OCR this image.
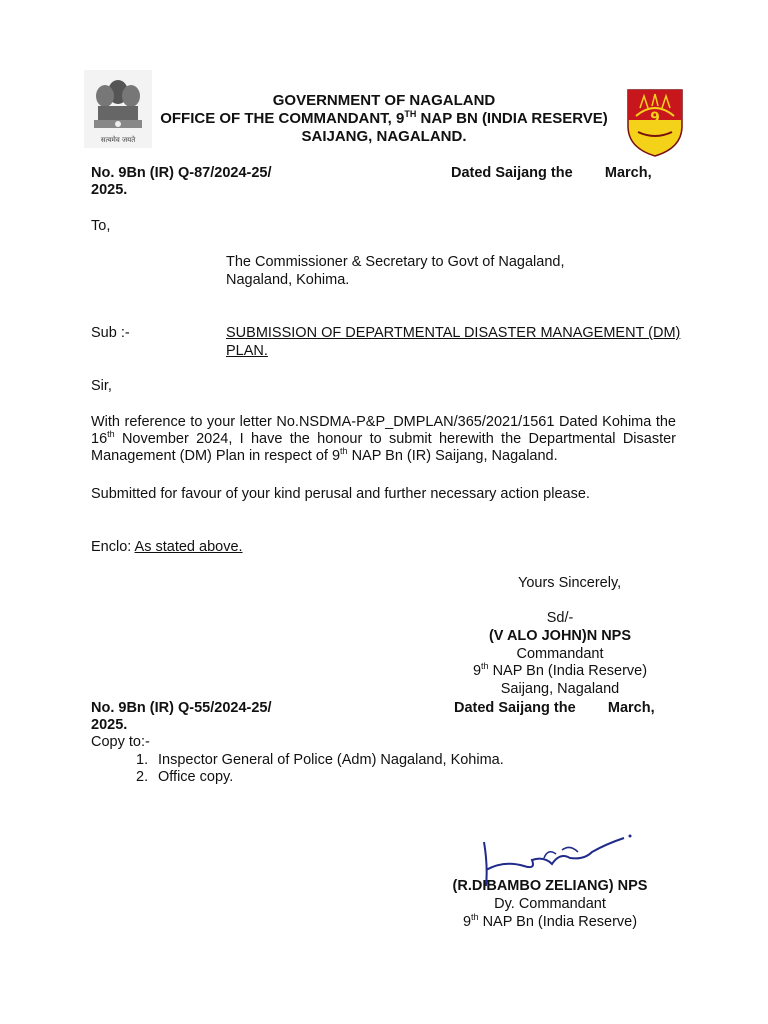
सत्यमेव जयते
9
GOVERNMENT OF NAGALAND
OFFICE OF THE COMMANDANT, 9TH NAP BN (INDIA RESERVE)
SAIJANG, NAGALAND.
No. 9Bn (IR) Q-87/2024-25/	Dated Saijang the        March,
2025.
To,
The Commissioner & Secretary to Govt of Nagaland,
Nagaland, Kohima.
Sub :-	SUBMISSION OF DEPARTMENTAL DISASTER MANAGEMENT (DM)
PLAN.
Sir,
With reference to your letter No.NSDMA-P&P_DMPLAN/365/2021/1561 Dated Kohima the 16th November 2024, I have the honour to submit herewith the Departmental Disaster Management (DM) Plan in respect of 9th NAP Bn (IR) Saijang, Nagaland.
Submitted for favour of your kind perusal and further necessary action please.
Enclo: As stated above.
Yours Sincerely,
Sd/-
(V ALO JOHN)N NPS
Commandant
9th NAP Bn (India Reserve)
Saijang, Nagaland
No. 9Bn (IR) Q-55/2024-25/	Dated Saijang the        March,
2025.
Copy to:-
1. Inspector General of Police (Adm) Nagaland, Kohima.
2. Office copy.
(R.DIBAMBO ZELIANG) NPS
Dy. Commandant
9th NAP Bn (India Reserve)
